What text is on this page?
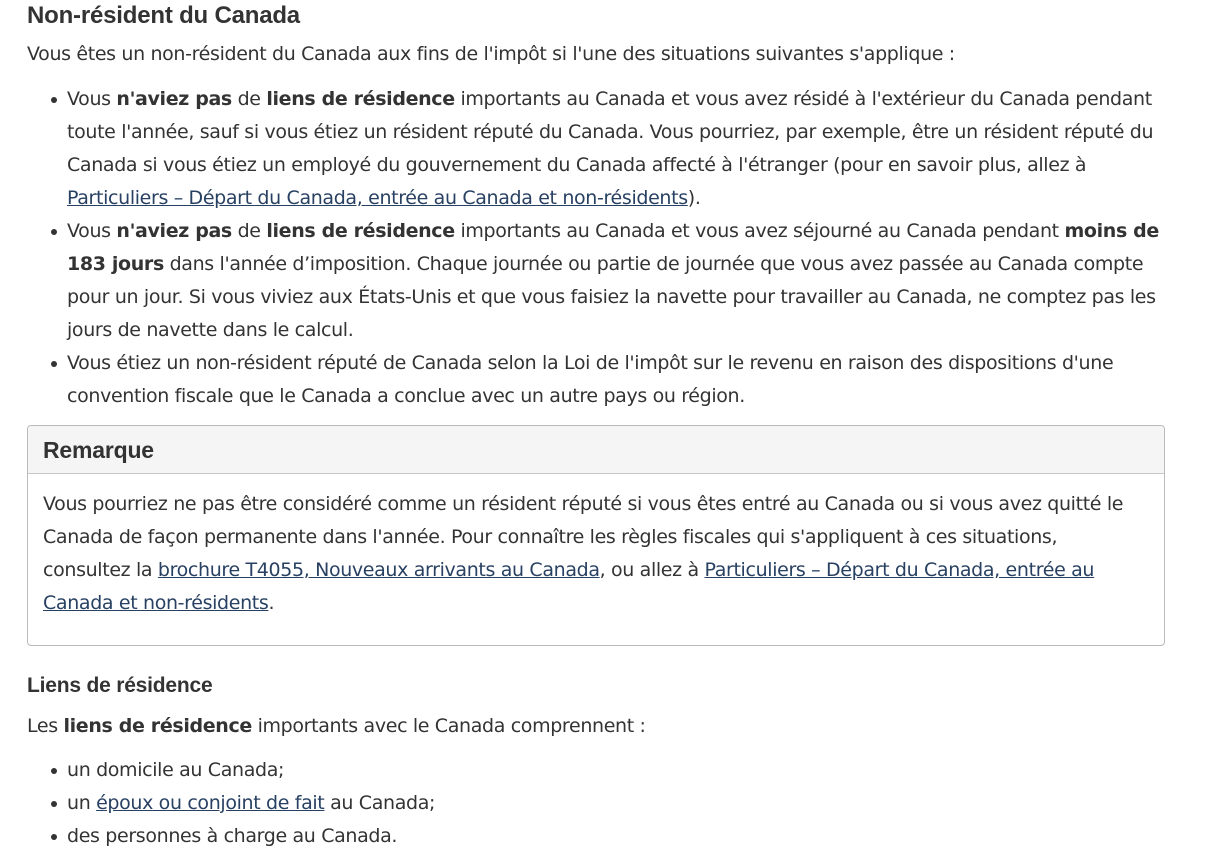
Non-résident du Canada

Vous êtes un non-résident du Canada aux fins de l'impôt si l'une des situations suivantes s'applique :

Vous n'aviez pas de liens de résidence importants au Canada et vous avez résidé à l'extérieur du Canada pendant toute l'année, sauf si vous étiez un résident réputé du Canada. Vous pourriez, par exemple, être un résident réputé du Canada si vous étiez un employé du gouvernement du Canada affecté à l'étranger (pour en savoir plus, allez à Particuliers – Départ du Canada, entrée au Canada et non-résidents).
Vous n'aviez pas de liens de résidence importants au Canada et vous avez séjourné au Canada pendant moins de 183 jours dans l'année d’imposition. Chaque journée ou partie de journée que vous avez passée au Canada compte pour un jour. Si vous viviez aux États-Unis et que vous faisiez la navette pour travailler au Canada, ne comptez pas les jours de navette dans le calcul.
Vous étiez un non-résident réputé de Canada selon la Loi de l'impôt sur le revenu en raison des dispositions d'une convention fiscale que le Canada a conclue avec un autre pays ou région.
Remarque

Vous pourriez ne pas être considéré comme un résident réputé si vous êtes entré au Canada ou si vous avez quitté le Canada de façon permanente dans l'année. Pour connaître les règles fiscales qui s'appliquent à ces situations, consultez la brochure T4055, Nouveaux arrivants au Canada, ou allez à Particuliers – Départ du Canada, entrée au Canada et non-résidents.

Liens de résidence

Les liens de résidence importants avec le Canada comprennent :

un domicile au Canada;
un époux ou conjoint de fait au Canada;
des personnes à charge au Canada.
